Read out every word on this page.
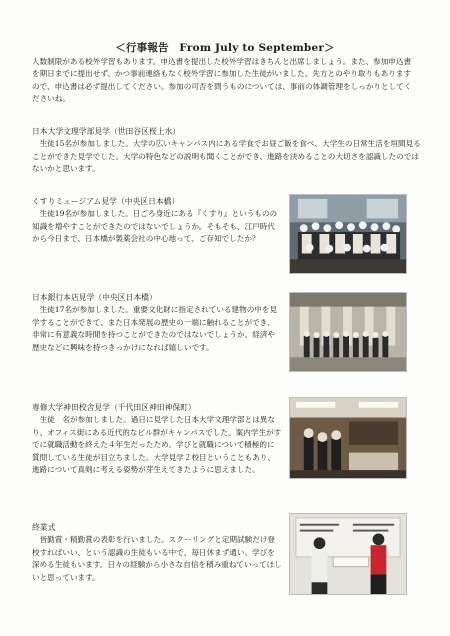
＜行事報告　From July to September＞
人数制限がある校外学習もあります。申込書を提出した校外学習はきちんと出席しましょう。また、参加申込書を期日までに提出せず、かつ事前連絡もなく校外学習に参加した生徒がいました。先方とのやり取りもありますので、申込書は必ず提出してください。参加の可否を問うものについては、事前の体調管理をしっかりとしてくださいね。
日本大学文理学部見学（世田谷区桜上水）
生徒15名が参加しました。大学の広いキャンパス内にある学食でお昼ご飯を食べ、大学生の日常生活を垣間見ることができた見学でした。大学の特色などの説明も聞くことができ、進路を決めることの大切さを認識したのではないかと思います。
くすりミュージアム見学（中央区日本橋）
生徒19名が参加しました。日ごろ身近にある『くすり』というものの知識を増やすことができたのではないでしょうか。そもそも、江戸時代から今日まで、日本橋が製薬会社の中心地って、ご存知でしたか？
日本銀行本店見学（中央区日本橋）
生徒17名が参加しました。重要文化財に指定されている建物の中を見学することができて、また日本発展の歴史の一端に触れることができ、非常に有意義な時間を持つことができたのではないでしょうか。経済や歴史などに興味を持つきっかけになれば嬉しいです。
専修大学神田校舎見学（千代田区神田神保町）
生徒　名が参加しました。過日に見学した日本大学文理学部とは異なり、オフィス街にある近代的なビル群がキャンパスでした。案内学生がすでに就職活動を終えた４年生だったため、学びと就職について積極的に質問している生徒が目立ちました。大学見学２校目ということもあり、進路について真剣に考える姿勢が芽生えてきたように思えました。
終業式
皆勤賞・精勤賞の表彰を行いました。スクーリングと定期試験だけ登校すればいい、という認識の生徒もいる中で、毎日休まず通い、学びを深める生徒もいます。日々の経験から小さな自信を積み重ねていってほしいと思っています。
